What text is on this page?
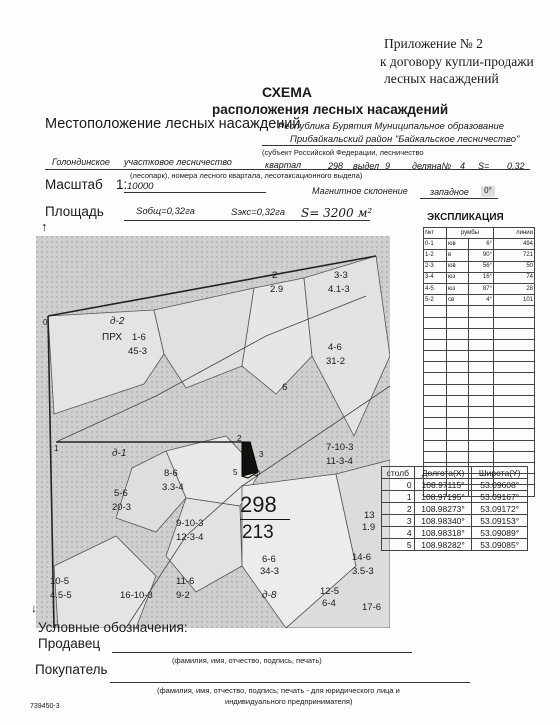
Приложение № 2
к договору купли-продажи
лесных насаждений
СХЕМА
расположения лесных насаждений
Местоположение лесных насаждений
Республика Бурятия Муниципальное образование
Прибайкальский район "Байкальское лесничество"
(субъект Российской Федерации, лесничество
Голондинское участковое лесничество	квартал	298 выдел 9 деляна№ 4 S= 0,32
(лесопарк), номера лесного квартала, лесотаксационного выдела)
Масштаб 1: 10000	Магнитное склонение западное	0°
Площадь
↑
Sобщ=0,32га	Sэкс=0,32га S= 3200 м²
д-2
ПРХ 1-6
45-3
2
2.9
3-3
4.1-3
4-6
31-2
6
д-1
8-6
3.3-4
5-6
20-3
9-10-3
12-3-4
7-10-3
11-3-4
13
1.9
14-6
3.5-3
6-6
34-3
10-5
4.5-5
11-6
9-2
16-10-3	12-5
6-4	17-6
д-8
0
1
2
3
4
5
298
213
↓
ЭКСПЛИКАЦИЯ
№т	румбы		линии
0-1	юв	6°	494
1-2	в	90°	721
2-3	юв	56°	50
3-4	юз	16°	74
4-5	юз	87°	28
5-2	св	4°	101

столб	Долгота(X)	Широта(Y)
0	108.97115°	53.09608°
1	108.97195°	53.09167°
2	108.98273°	53.09172°
3	108.98340°	53.09153°
4	108.98318°	53.09089°
5	108.98282°	53.09085°
Условные обозначения:
Продавец
(фамилия, имя, отчество, подпись, печать)
Покупатель
(фамилия, имя, отчество, подпись; печать - для юридического лица и
индивидуального предпринимателя)
739450-3
